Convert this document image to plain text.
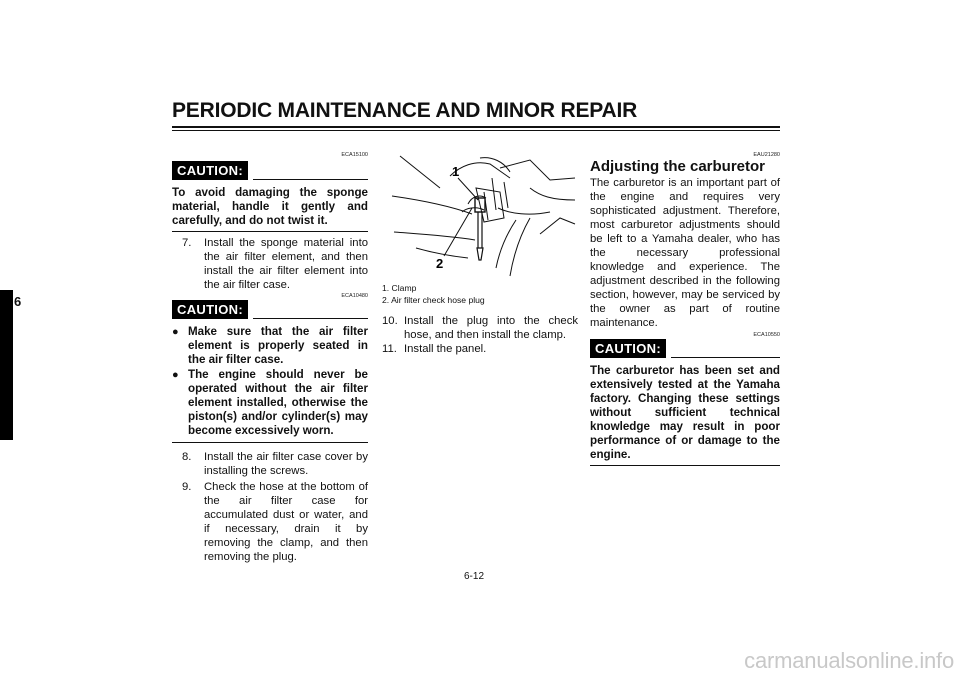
PERIODIC MAINTENANCE AND MINOR REPAIR
6
ECA15100
CAUTION:
To avoid damaging the sponge material, handle it gently and carefully, and do not twist it.
7.	Install the sponge material into the air filter element, and then install the air filter element into the air filter case.
ECA10480
CAUTION:
● Make sure that the air filter element is properly seated in the air filter case.
● The engine should never be operated without the air filter element installed, otherwise the piston(s) and/or cylinder(s) may become excessively worn.
8.	Install the air filter case cover by installing the screws.
9.	Check the hose at the bottom of the air filter case for accumulated dust or water, and if necessary, drain it by removing the clamp, and then removing the plug.
1
2
1. Clamp
2. Air filter check hose plug
10. Install the plug into the check hose, and then install the clamp.
11. Install the panel.
EAU21280
Adjusting the carburetor
The carburetor is an important part of the engine and requires very sophisticated adjustment. Therefore, most carburetor adjustments should be left to a Yamaha dealer, who has the necessary professional knowledge and experience. The adjustment described in the following section, however, may be serviced by the owner as part of routine maintenance.
ECA10550
CAUTION:
The carburetor has been set and extensively tested at the Yamaha factory. Changing these settings without sufficient technical knowledge may result in poor performance of or damage to the engine.
6-12
carmanualsonline.info
